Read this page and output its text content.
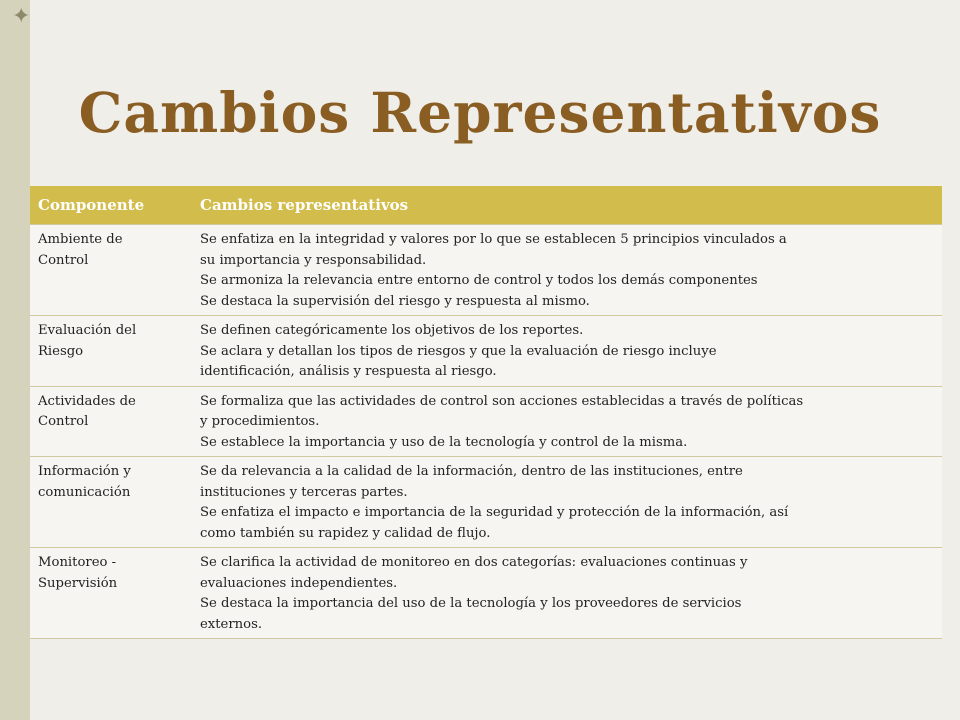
✦
Cambios Representativos
Componente	Cambios representativos

Ambiente de
Control	Se enfatiza en la integridad y valores por lo que se establecen 5 principios vinculados a
su importancia y responsabilidad.
Se armoniza la relevancia entre entorno de control y todos los demás componentes
Se destaca la supervisión del riesgo y respuesta al mismo.

Evaluación del
Riesgo	Se definen categóricamente los objetivos de los reportes.
Se aclara y detallan los tipos de riesgos y que la evaluación de riesgo incluye
identificación, análisis y respuesta al riesgo.

Actividades de
Control	Se formaliza que las actividades de control son acciones establecidas a través de políticas
y procedimientos.
Se establece la importancia y uso de la tecnología y control de la misma.

Información y
comunicación	Se da relevancia a la calidad de la información, dentro de las instituciones, entre
instituciones y terceras partes.
Se enfatiza el impacto e importancia de la seguridad y protección de la información, así
como también su rapidez y calidad de flujo.

Monitoreo -
Supervisión	Se clarifica la actividad de monitoreo en dos categorías: evaluaciones continuas y
evaluaciones independientes.
Se destaca la importancia del uso de la tecnología y los proveedores de servicios
externos.
